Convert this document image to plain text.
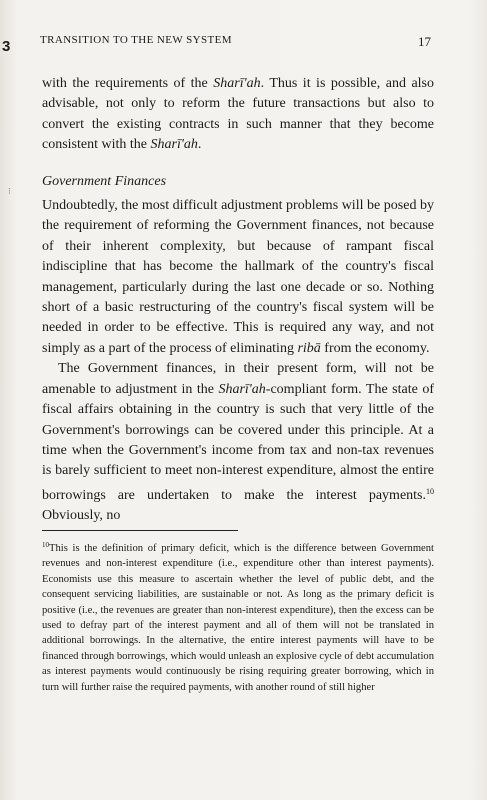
3
⁝
TRANSITION TO THE NEW SYSTEM	17

with the requirements of the Sharī'ah. Thus it is possible, and also advisable, not only to reform the future transactions but also to convert the existing contracts in such manner that they become consistent with the Sharī'ah.

Government Finances

Undoubtedly, the most difficult adjustment problems will be posed by the requirement of reforming the Government finances, not because of their inherent complexity, but because of rampant fiscal indiscipline that has become the hallmark of the country's fiscal management, particularly during the last one decade or so. Nothing short of a basic restructuring of the country's fiscal system will be needed in order to be effective. This is required any way, and not simply as a part of the process of eliminating ribā from the economy.

The Government finances, in their present form, will not be amenable to adjustment in the Sharī'ah-compliant form. The state of fiscal affairs obtaining in the country is such that very little of the Government's borrowings can be covered under this principle. At a time when the Government's income from tax and non-tax revenues is barely sufficient to meet non-interest expenditure, almost the entire borrowings are undertaken to make the interest payments.$^{10}$ Obviously, no

$^{10}$This is the definition of primary deficit, which is the difference between Government revenues and non-interest expenditure (i.e., expenditure other than interest payments). Economists use this measure to ascertain whether the level of public debt, and the consequent servicing liabilities, are sustainable or not. As long as the primary deficit is positive (i.e., the revenues are greater than non-interest expenditure), then the excess can be used to defray part of the interest payment and all of them will not be translated in additional borrowings. In the alternative, the entire interest payments will have to be financed through borrowings, which would unleash an explosive cycle of debt accumulation as interest payments would continuously be rising requiring greater borrowing, which in turn will further raise the required payments, with another round of still higher
